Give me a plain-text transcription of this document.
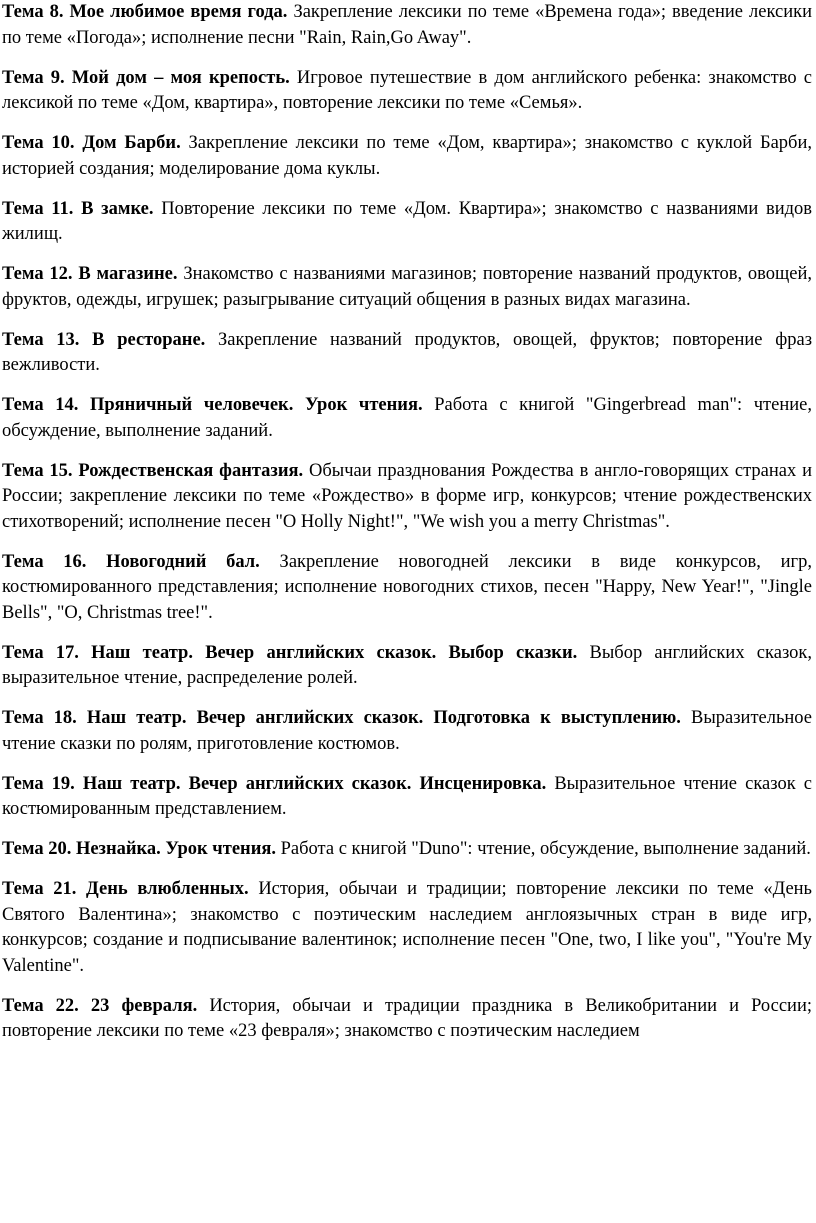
Тема 8. Мое любимое время года. Закрепление лексики по теме «Времена года»; введение лексики по теме «Погода»; исполнение песни "Rain, Rain,Go Away".

Тема 9. Мой дом – моя крепость. Игровое путешествие в дом английского ребенка: знакомство с лексикой по теме «Дом, квартира», повторение лексики по теме «Семья».

Тема 10. Дом Барби. Закрепление лексики по теме «Дом, квартира»; знакомство с куклой Барби, историей создания; моделирование дома куклы.

Тема 11. В замке. Повторение лексики по теме «Дом. Квартира»; знакомство с названиями видов жилищ.

Тема 12. В магазине. Знакомство с названиями магазинов; повторение названий продуктов, овощей, фруктов, одежды, игрушек; разыгрывание ситуаций общения в разных видах магазина.

Тема 13. В ресторане. Закрепление названий продуктов, овощей, фруктов; повторение фраз вежливости.

Тема 14. Пряничный человечек. Урок чтения. Работа с книгой "Gingerbread man": чтение, обсуждение, выполнение заданий.

Тема 15. Рождественская фантазия. Обычаи празднования Рождества в англо-говорящих странах и России; закрепление лексики по теме «Рождество» в форме игр, конкурсов; чтение рождественских стихотворений; исполнение песен "O Holly Night!", "We wish you a merry Christmas".

Тема 16. Новогодний бал. Закрепление новогодней лексики в виде конкурсов, игр, костюмированного представления; исполнение новогодних стихов, песен "Happy, New Year!", "Jingle Bells", "O, Christmas tree!".

Тема 17. Наш театр. Вечер английских сказок. Выбор сказки. Выбор английских сказок, выразительное чтение, распределение ролей.

Тема 18. Наш театр. Вечер английских сказок. Подготовка к выступлению. Выразительное чтение сказки по ролям, приготовление костюмов.

Тема 19. Наш театр. Вечер английских сказок. Инсценировка. Выразительное чтение сказок с костюмированным представлением.

Тема 20. Незнайка. Урок чтения. Работа с книгой "Duno": чтение, обсуждение, выполнение заданий.

Тема 21. День влюбленных. История, обычаи и традиции; повторение лексики по теме «День Святого Валентина»; знакомство с поэтическим наследием англоязычных стран в виде игр, конкурсов; создание и подписывание валентинок; исполнение песен "One, two, I like you", "You're My Valentine".

Тема 22. 23 февраля. История, обычаи и традиции праздника в Великобритании и России; повторение лексики по теме «23 февраля»; знакомство с поэтическим наследием
